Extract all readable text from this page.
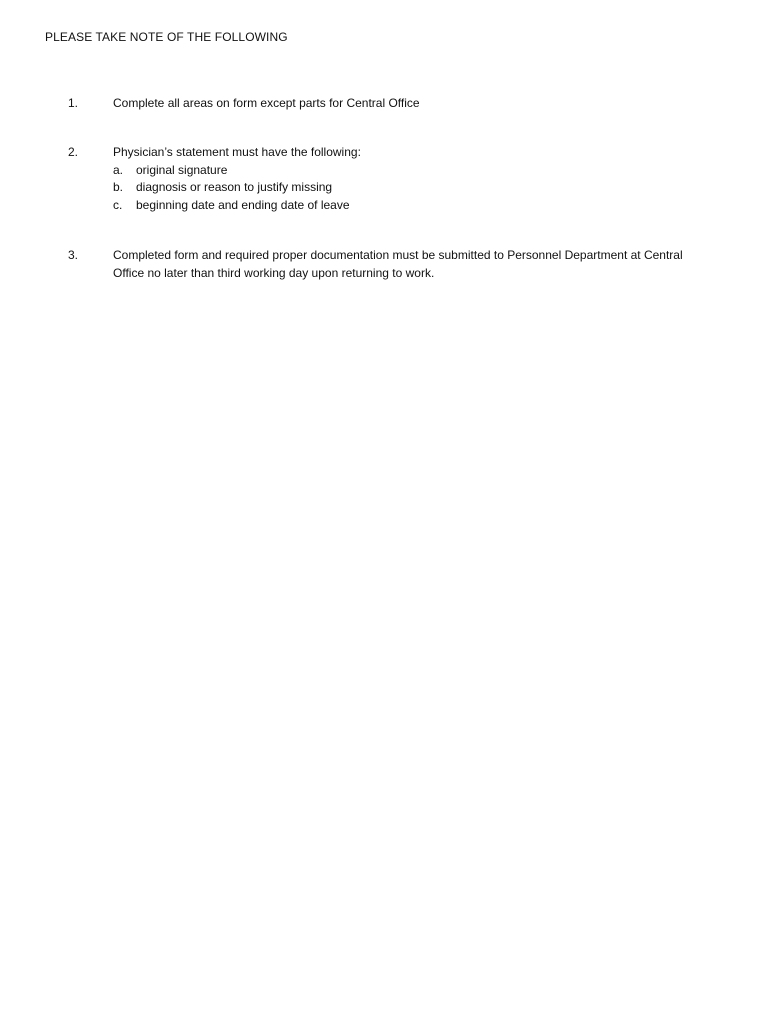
PLEASE TAKE NOTE OF THE FOLLOWING
1.	Complete all areas on form except parts for Central Office
2.	Physician’s statement must have the following:
a. original signature
b. diagnosis or reason to justify missing
c. beginning date and ending date of leave
3.	Completed form and required proper documentation must be submitted to Personnel Department at Central
Office no later than third working day upon returning to work.
